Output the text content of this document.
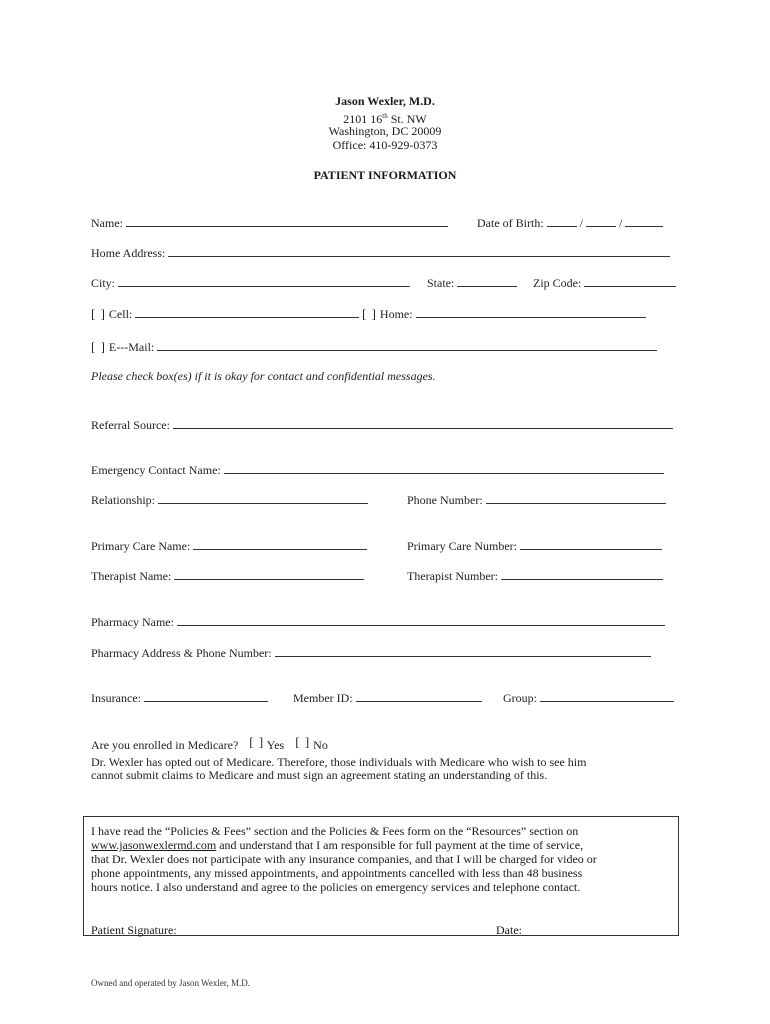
Jason Wexler, M.D.
2101 16th St. NW
Washington, DC 20009
Office: 410-929-0373
PATIENT INFORMATION
Name:	Date of Birth:	/	/
Home Address:
City:	State:	Zip Code:
[ ] Cell:	[ ] Home:
[ ] E---Mail:
Please check box(es) if it is okay for contact and confidential messages.
Referral Source:
Emergency Contact Name:
Relationship:	Phone Number:
Primary Care Name:	Primary Care Number:
Therapist Name:	Therapist Number:
Pharmacy Name:
Pharmacy Address & Phone Number:
Insurance:	Member ID:	Group:
Are you enrolled in Medicare? [ ] Yes [ ] No
Dr. Wexler has opted out of Medicare. Therefore, those individuals with Medicare who wish to see him
cannot submit claims to Medicare and must sign an agreement stating an understanding of this.
I have read the “Policies & Fees” section and the Policies & Fees form on the “Resources” section on
www.jasonwexlermd.com and understand that I am responsible for full payment at the time of service,
that Dr. Wexler does not participate with any insurance companies, and that I will be charged for video or
phone appointments, any missed appointments, and appointments cancelled with less than 48 business
hours notice. I also understand and agree to the policies on emergency services and telephone contact.
Patient Signature:	Date:
Owned and operated by Jason Wexler, M.D.
